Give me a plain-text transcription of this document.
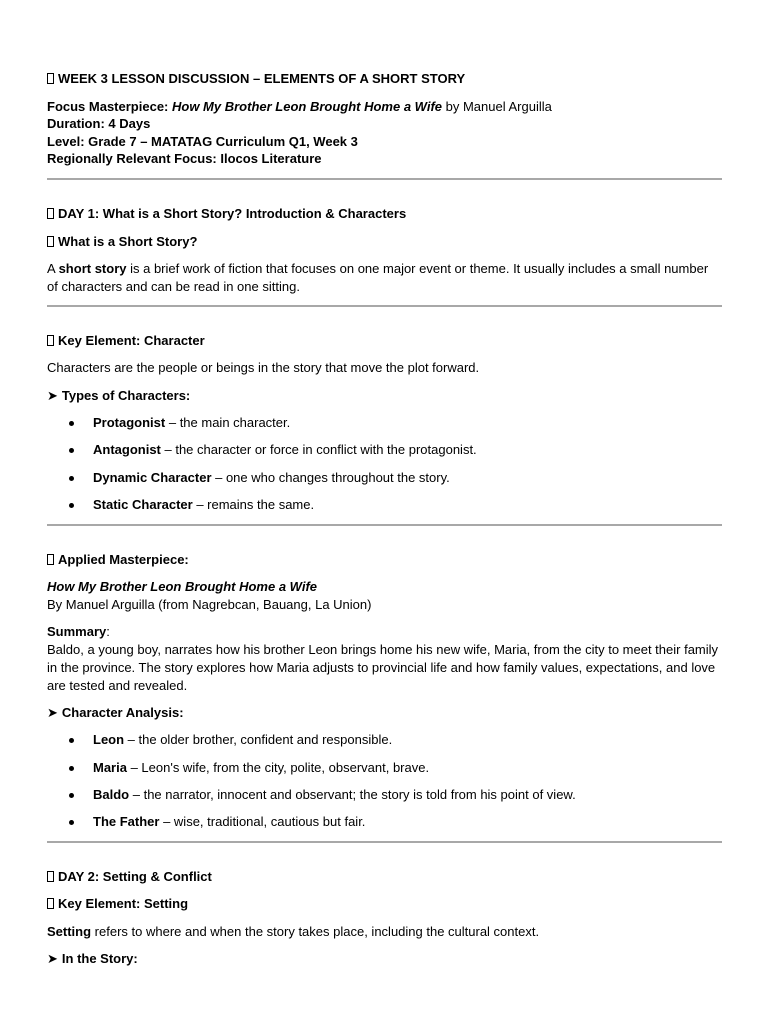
WEEK 3 LESSON DISCUSSION – ELEMENTS OF A SHORT STORY
Focus Masterpiece: How My Brother Leon Brought Home a Wife by Manuel Arguilla
Duration: 4 Days
Level: Grade 7 – MATATAG Curriculum Q1, Week 3
Regionally Relevant Focus: Ilocos Literature
DAY 1: What is a Short Story? Introduction & Characters
What is a Short Story?
A short story is a brief work of fiction that focuses on one major event or theme. It usually includes a small number of characters and can be read in one sitting.
Key Element: Character
Characters are the people or beings in the story that move the plot forward.
➤ Types of Characters:
Protagonist – the main character.
Antagonist – the character or force in conflict with the protagonist.
Dynamic Character – one who changes throughout the story.
Static Character – remains the same.
Applied Masterpiece:
How My Brother Leon Brought Home a Wife
By Manuel Arguilla (from Nagrebcan, Bauang, La Union)
Summary:
Baldo, a young boy, narrates how his brother Leon brings home his new wife, Maria, from the city to meet their family in the province. The story explores how Maria adjusts to provincial life and how family values, expectations, and love are tested and revealed.
➤ Character Analysis:
Leon – the older brother, confident and responsible.
Maria – Leon's wife, from the city, polite, observant, brave.
Baldo – the narrator, innocent and observant; the story is told from his point of view.
The Father – wise, traditional, cautious but fair.
DAY 2: Setting & Conflict
Key Element: Setting
Setting refers to where and when the story takes place, including the cultural context.
➤ In the Story:
